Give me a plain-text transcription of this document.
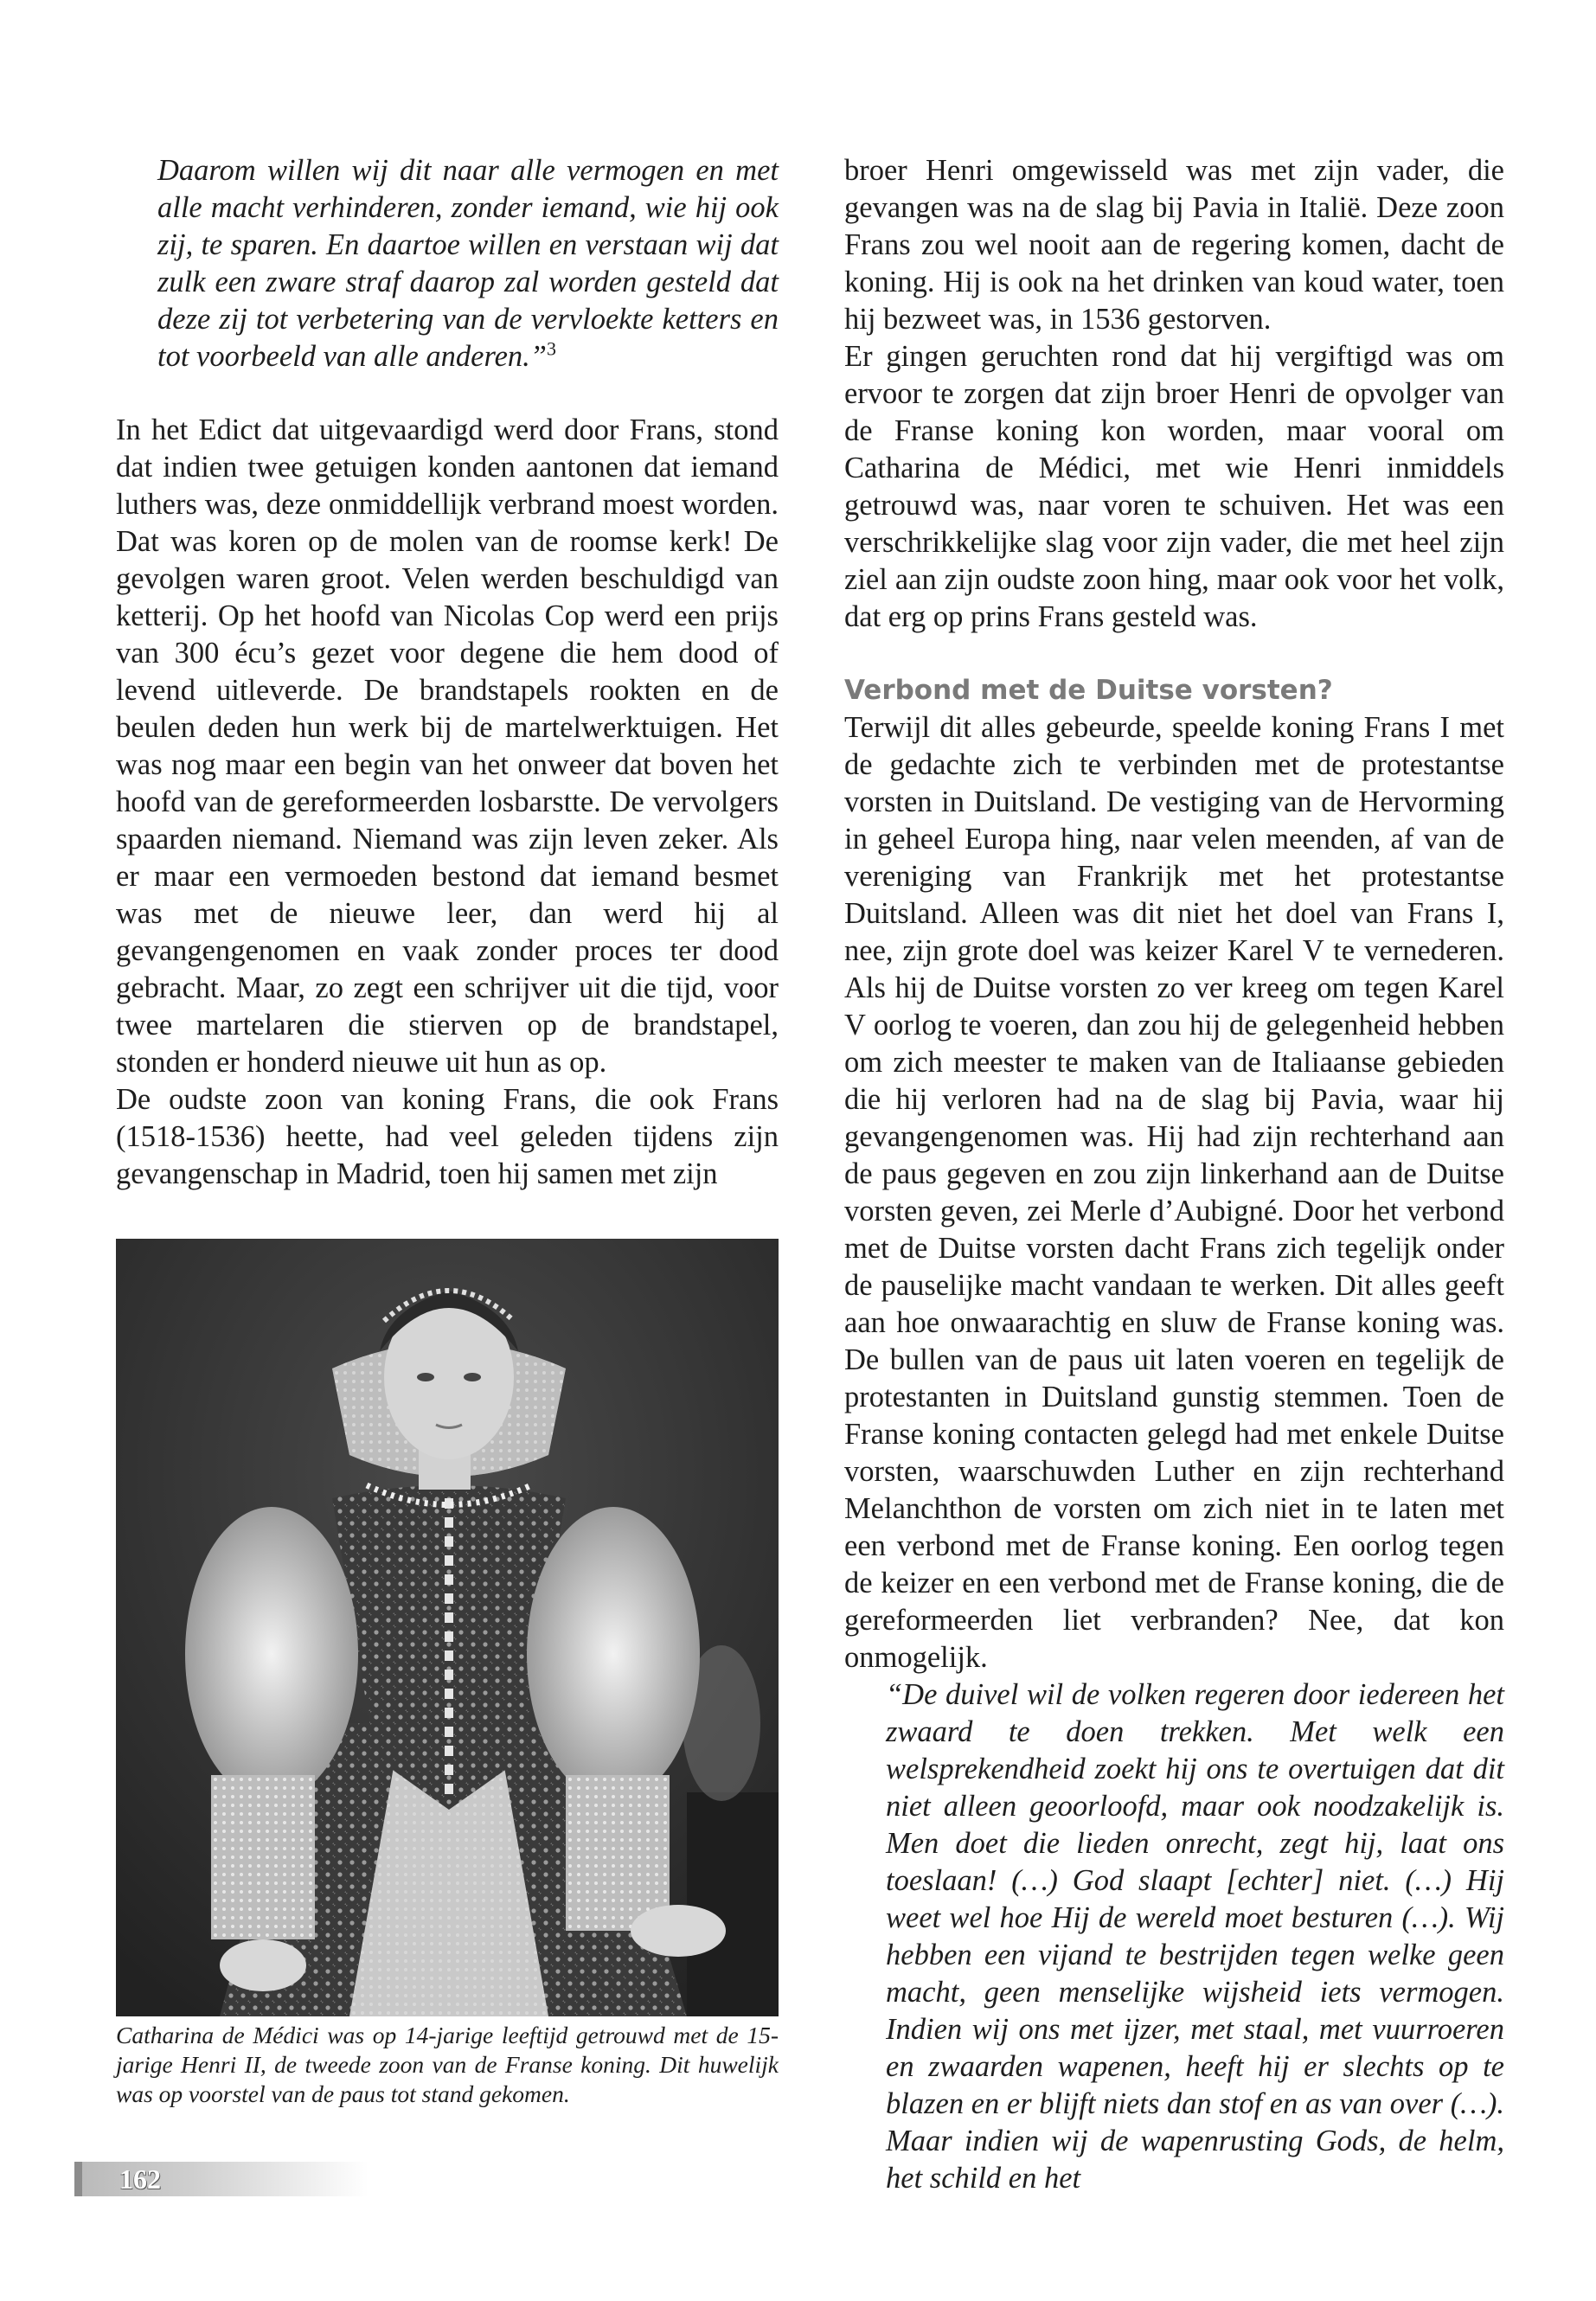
Daarom willen wij dit naar alle vermogen en met alle macht verhinderen, zonder iemand, wie hij ook zij, te sparen. En daartoe willen en verstaan wij dat zulk een zware straf daarop zal worden gesteld dat deze zij tot verbetering van de vervloekte ketters en tot voorbeeld van alle anderen.”$^3$

In het Edict dat uitgevaardigd werd door Frans, stond dat indien twee getuigen konden aantonen dat iemand luthers was, deze onmiddellijk verbrand moest worden. Dat was koren op de molen van de roomse kerk! De gevolgen waren groot. Velen werden beschuldigd van ketterij. Op het hoofd van Nicolas Cop werd een prijs van 300 écu’s gezet voor degene die hem dood of levend uitleverde. De brandstapels rookten en de beulen deden hun werk bij de martelwerktuigen. Het was nog maar een begin van het onweer dat boven het hoofd van de gereformeerden losbarstte. De vervolgers spaarden niemand. Niemand was zijn leven zeker. Als er maar een vermoeden bestond dat iemand besmet was met de nieuwe leer, dan werd hij al gevangengenomen en vaak zonder proces ter dood gebracht. Maar, zo zegt een schrijver uit die tijd, voor twee martelaren die stierven op de brandstapel, stonden er honderd nieuwe uit hun as op.

De oudste zoon van koning Frans, die ook Frans (1518-1536) heette, had veel geleden tijdens zijn gevangenschap in Madrid, toen hij samen met zijn

Catharina de Médici was op 14-jarige leeftijd getrouwd met de 15-jarige Henri II, de tweede zoon van de Franse koning. Dit huwelijk was op voorstel van de paus tot stand gekomen.

broer Henri omgewisseld was met zijn vader, die gevangen was na de slag bij Pavia in Italië. Deze zoon Frans zou wel nooit aan de regering komen, dacht de koning. Hij is ook na het drinken van koud water, toen hij bezweet was, in 1536 gestorven.

Er gingen geruchten rond dat hij vergiftigd was om ervoor te zorgen dat zijn broer Henri de opvolger van de Franse koning kon worden, maar vooral om Catharina de Médici, met wie Henri inmiddels getrouwd was, naar voren te schuiven. Het was een verschrikkelijke slag voor zijn vader, die met heel zijn ziel aan zijn oudste zoon hing, maar ook voor het volk, dat erg op prins Frans gesteld was.

Verbond met de Duitse vorsten?

Terwijl dit alles gebeurde, speelde koning Frans I met de gedachte zich te verbinden met de protestantse vorsten in Duitsland. De vestiging van de Hervorming in geheel Europa hing, naar velen meenden, af van de vereniging van Frankrijk met het protestantse Duitsland. Alleen was dit niet het doel van Frans I, nee, zijn grote doel was keizer Karel V te vernederen. Als hij de Duitse vorsten zo ver kreeg om tegen Karel V oorlog te voeren, dan zou hij de gelegenheid hebben om zich meester te maken van de Italiaanse gebieden die hij verloren had na de slag bij Pavia, waar hij gevangengenomen was. Hij had zijn rechterhand aan de paus gegeven en zou zijn linkerhand aan de Duitse vorsten geven, zei Merle d’Aubigné. Door het verbond met de Duitse vorsten dacht Frans zich tegelijk onder de pauselijke macht vandaan te werken. Dit alles geeft aan hoe onwaarachtig en sluw de Franse koning was. De bullen van de paus uit laten voeren en tegelijk de protestanten in Duitsland gunstig stemmen. Toen de Franse koning contacten gelegd had met enkele Duitse vorsten, waarschuwden Luther en zijn rechterhand Melanchthon de vorsten om zich niet in te laten met een verbond met de Franse koning. Een oorlog tegen de keizer en een verbond met de Franse koning, die de gereformeerden liet verbranden? Nee, dat kon onmogelijk.

“De duivel wil de volken regeren door iedereen het zwaard te doen trekken. Met welk een welsprekendheid zoekt hij ons te overtuigen dat dit niet alleen geoorloofd, maar ook noodzakelijk is. Men doet die lieden onrecht, zegt hij, laat ons toeslaan! (…) God slaapt [echter] niet. (…) Hij weet wel hoe Hij de wereld moet besturen (…). Wij hebben een vijand te bestrijden tegen welke geen macht, geen menselijke wijsheid iets vermogen. Indien wij ons met ijzer, met staal, met vuurroeren en zwaarden wapenen, heeft hij er slechts op te blazen en er blijft niets dan stof en as van over (…). Maar indien wij de wapenrusting Gods, de helm, het schild en het

162
